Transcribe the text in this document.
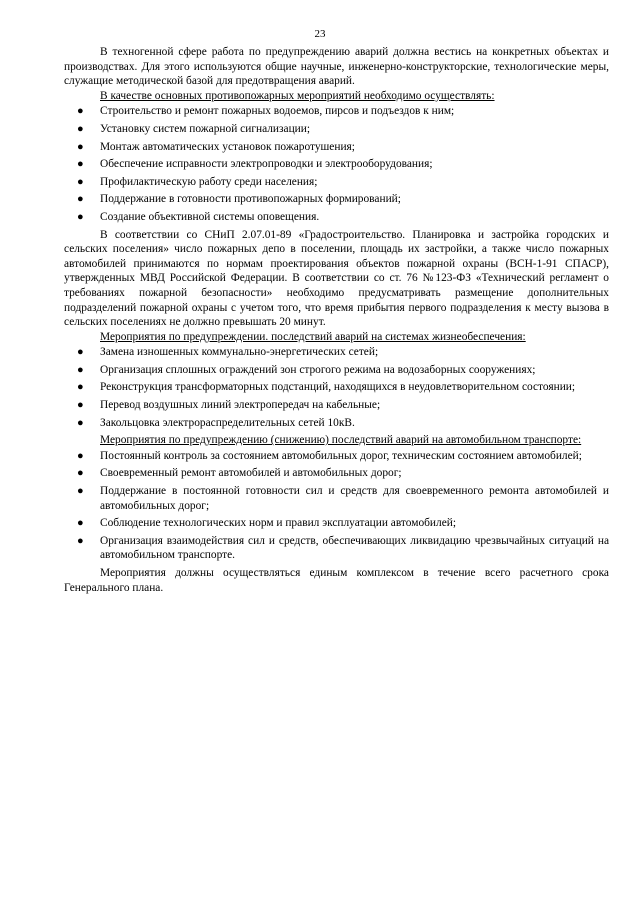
23

В техногенной сфере работа по предупреждению аварий должна вестись на конкретных объектах и производствах. Для этого используются общие научные, инженерно-конструкторские, технологические меры, служащие методической базой для предотвращения аварий.

В качестве основных противопожарных мероприятий необходимо осуществлять:

● Строительство и ремонт пожарных водоемов, пирсов и подъездов к ним;
● Установку систем пожарной сигнализации;
● Монтаж автоматических установок пожаротушения;
● Обеспечение исправности электропроводки и электрооборудования;
● Профилактическую работу среди населения;
● Поддержание в готовности противопожарных формирований;
● Создание объективной системы оповещения.

В соответствии со СНиП 2.07.01-89 «Градостроительство. Планировка и застройка городских и сельских поселения» число пожарных депо в поселении, площадь их застройки, а также число пожарных автомобилей принимаются по нормам проектирования объектов пожарной охраны (ВСН-1-91 СПАСР), утвержденных МВД Российской Федерации. В соответствии со ст. 76 №123-ФЗ «Технический регламент о требованиях пожарной безопасности» необходимо предусматривать размещение дополнительных подразделений пожарной охраны с учетом того, что время прибытия первого подразделения к месту вызова в сельских поселениях не должно превышать 20 минут.

Мероприятия по предупреждении. последствий аварий на системах жизнеобеспечения:

● Замена изношенных коммунально-энергетических сетей;
● Организация сплошных ограждений зон строгого режима на водозаборных сооружениях;
● Реконструкция трансформаторных подстанций, находящихся в неудовлетворительном состоянии;
● Перевод воздушных линий электропередач на кабельные;
● Закольцовка электрораспределительных сетей 10кВ.

Мероприятия по предупреждению (снижению) последствий аварий на автомобильном транспорте:

● Постоянный контроль за состоянием автомобильных дорог, техническим состоянием автомобилей;
● Своевременный ремонт автомобилей и автомобильных дорог;
● Поддержание в постоянной готовности сил и средств для своевременного ремонта автомобилей и автомобильных дорог;
● Соблюдение технологических норм и правил эксплуатации автомобилей;
● Организация взаимодействия сил и средств, обеспечивающих ликвидацию чрезвычайных ситуаций на автомобильном транспорте.

Мероприятия должны осуществляться единым комплексом в течение всего расчетного срока Генерального плана.
